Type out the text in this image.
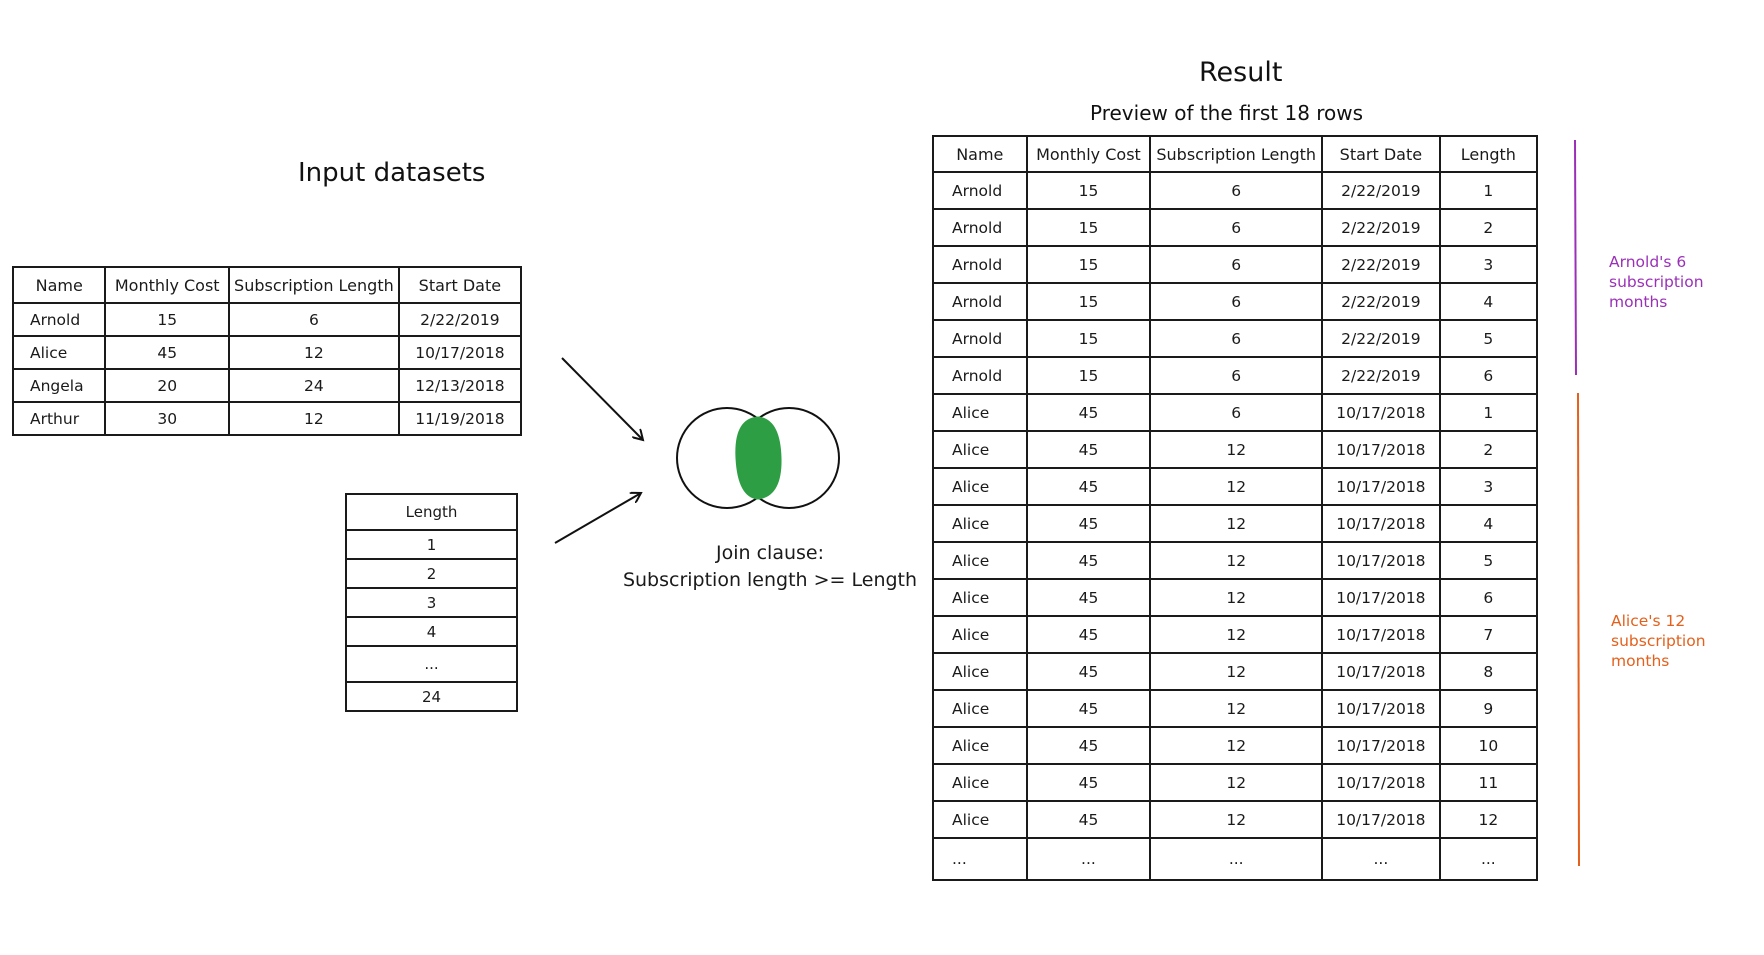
Input datasets
Name	Monthly Cost	Subscription Length	Start Date
Arnold	15	6	2/22/2019
Alice	45	12	10/17/2018
Angela	20	24	12/13/2018
Arthur	30	12	11/19/2018
Length
1
2
3
4
...
24
Join clause:
Subscription length >= Length
Result
Preview of the first 18 rows
Name	Monthly Cost	Subscription Length	Start Date	Length
Arnold	15	6	2/22/2019	1
Arnold	15	6	2/22/2019	2
Arnold	15	6	2/22/2019	3
Arnold	15	6	2/22/2019	4
Arnold	15	6	2/22/2019	5
Arnold	15	6	2/22/2019	6
Alice	45	6	10/17/2018	1
Alice	45	12	10/17/2018	2
Alice	45	12	10/17/2018	3
Alice	45	12	10/17/2018	4
Alice	45	12	10/17/2018	5
Alice	45	12	10/17/2018	6
Alice	45	12	10/17/2018	7
Alice	45	12	10/17/2018	8
Alice	45	12	10/17/2018	9
Alice	45	12	10/17/2018	10
Alice	45	12	10/17/2018	11
Alice	45	12	10/17/2018	12
...	...	...	...	...
Arnold's 6
subscription
months
Alice's 12
subscription
months
